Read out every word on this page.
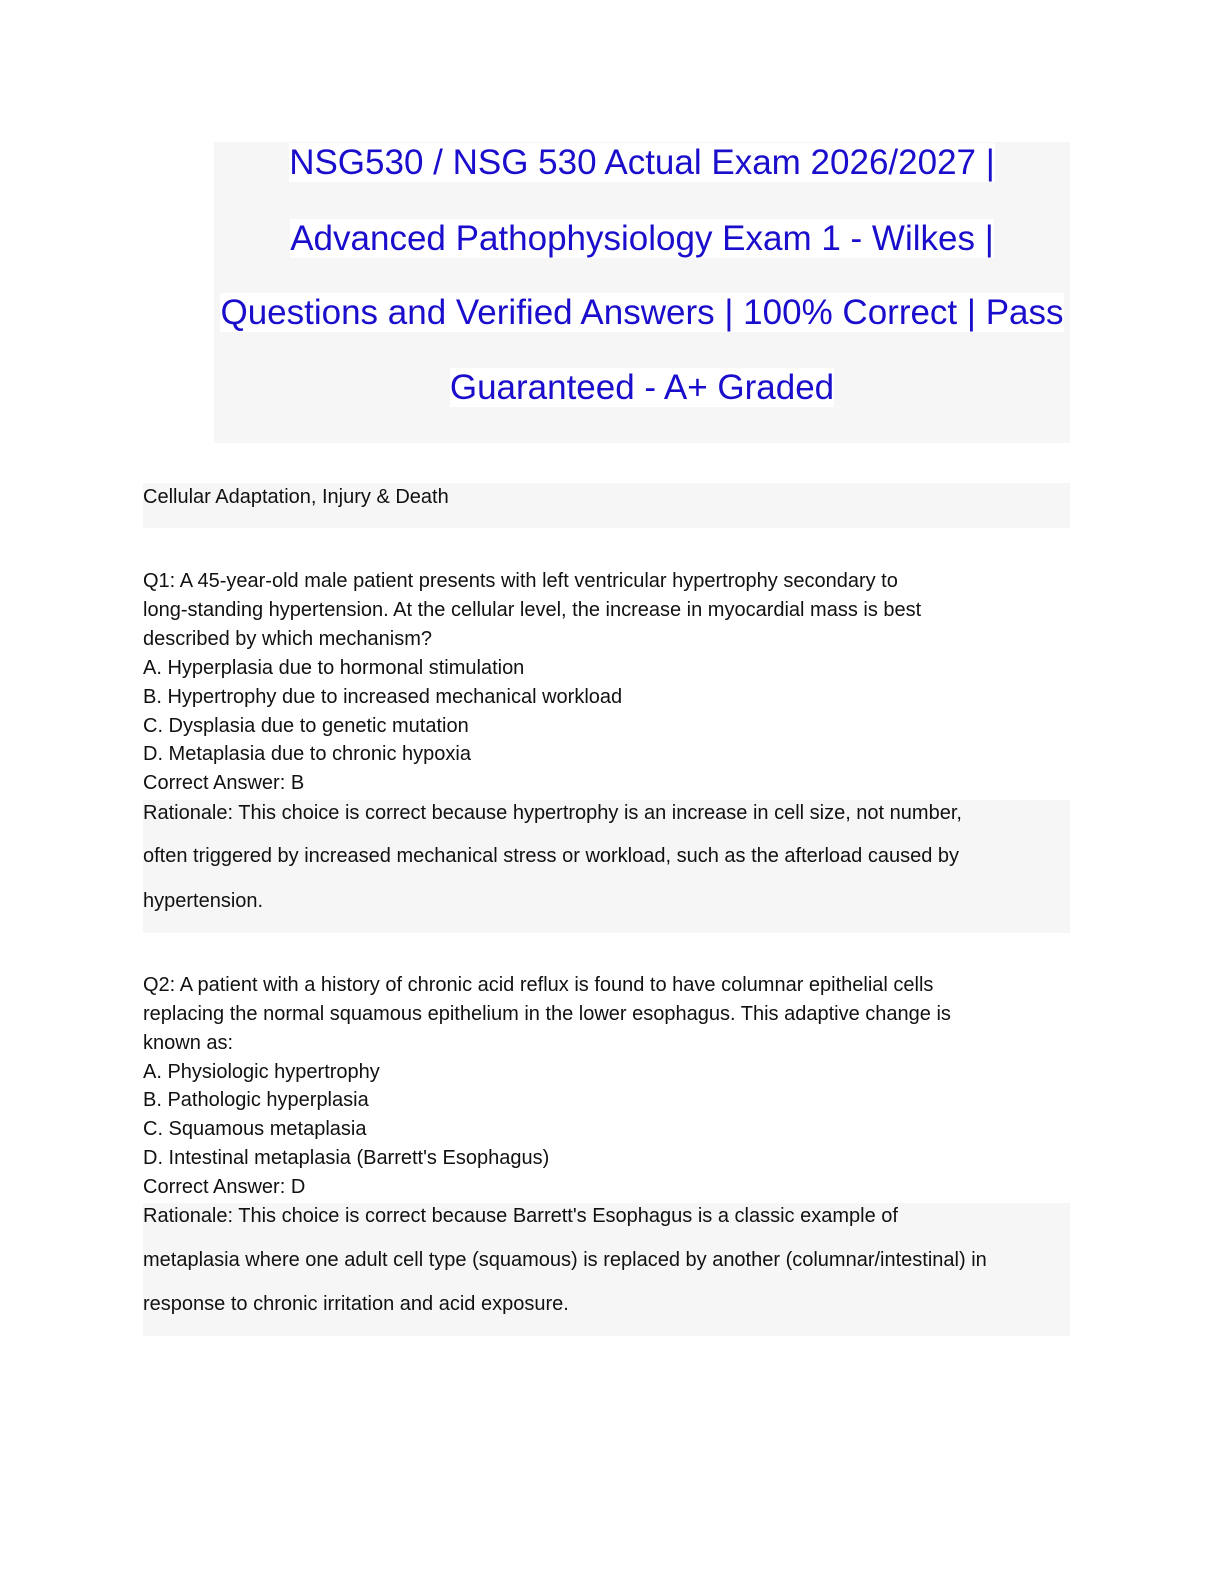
NSG530 / NSG 530 Actual Exam 2026/2027 |
Advanced Pathophysiology Exam 1 - Wilkes |
Questions and Verified Answers | 100% Correct | Pass
Guaranteed - A+ Graded
Cellular Adaptation, Injury & Death
Q1: A 45-year-old male patient presents with left ventricular hypertrophy secondary to
long-standing hypertension. At the cellular level, the increase in myocardial mass is best
described by which mechanism?
A. Hyperplasia due to hormonal stimulation
B. Hypertrophy due to increased mechanical workload
C. Dysplasia due to genetic mutation
D. Metaplasia due to chronic hypoxia
Correct Answer: B
Rationale: This choice is correct because hypertrophy is an increase in cell size, not number,
often triggered by increased mechanical stress or workload, such as the afterload caused by
hypertension.
Q2: A patient with a history of chronic acid reflux is found to have columnar epithelial cells
replacing the normal squamous epithelium in the lower esophagus. This adaptive change is
known as:
A. Physiologic hypertrophy
B. Pathologic hyperplasia
C. Squamous metaplasia
D. Intestinal metaplasia (Barrett's Esophagus)
Correct Answer: D
Rationale: This choice is correct because Barrett's Esophagus is a classic example of
metaplasia where one adult cell type (squamous) is replaced by another (columnar/intestinal) in
response to chronic irritation and acid exposure.
